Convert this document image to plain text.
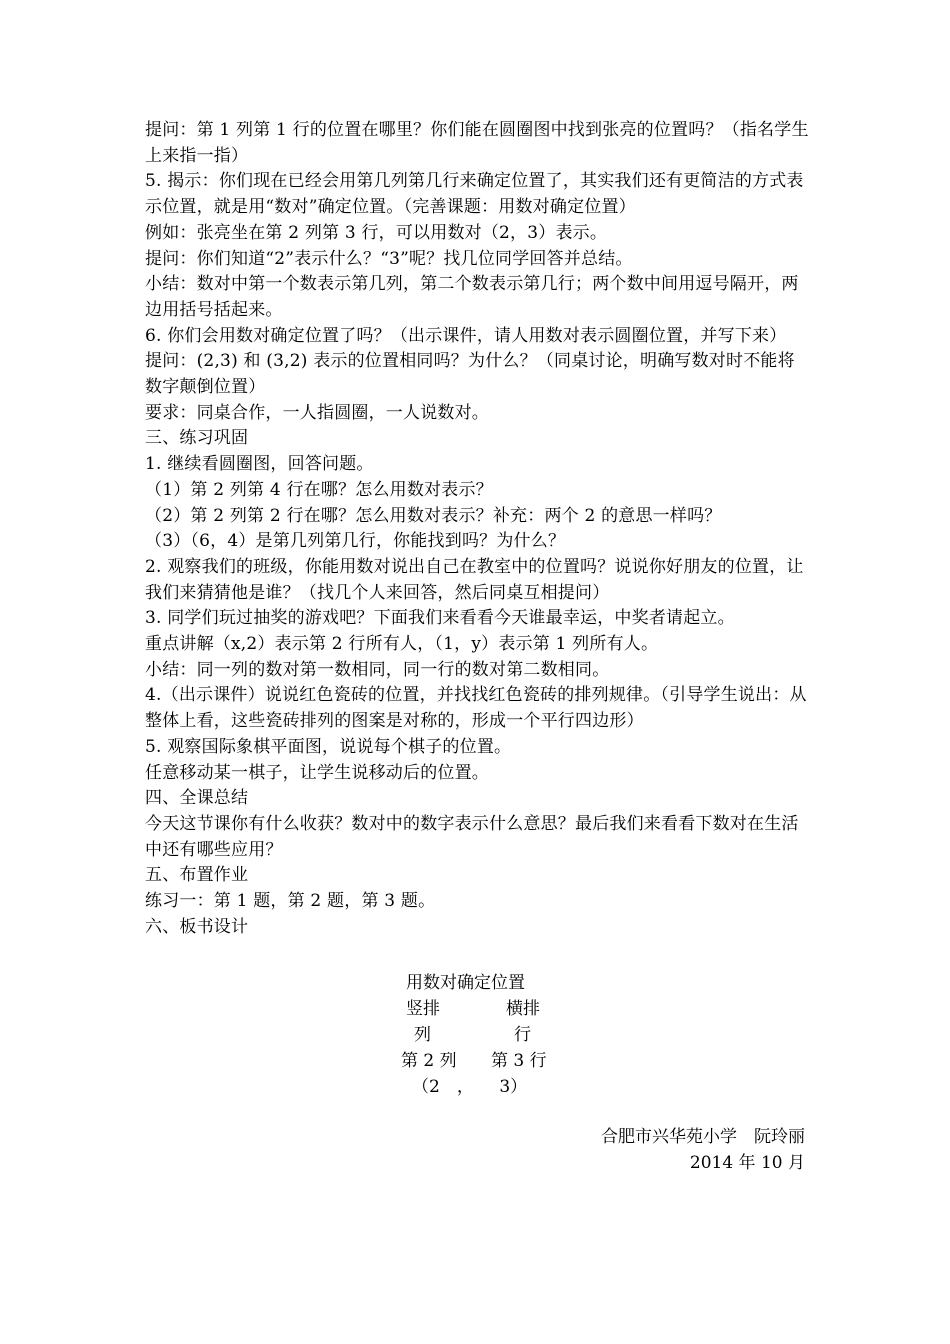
提问：第 1 列第 1 行的位置在哪里？你们能在圆圈图中找到张亮的位置吗？（指名学生上来指一指）

5. 揭示：你们现在已经会用第几列第几行来确定位置了，其实我们还有更简洁的方式表示位置，就是用“数对”确定位置。（完善课题：用数对确定位置）

例如：张亮坐在第 2 列第 3 行，可以用数对（2，3）表示。

提问：你们知道“2”表示什么？“3”呢？找几位同学回答并总结。

小结：数对中第一个数表示第几列，第二个数表示第几行；两个数中间用逗号隔开，两边用括号括起来。

6. 你们会用数对确定位置了吗？（出示课件，请人用数对表示圆圈位置，并写下来）

提问：(2,3) 和 (3,2) 表示的位置相同吗？为什么？（同桌讨论，明确写数对时不能将数字颠倒位置）

要求：同桌合作，一人指圆圈，一人说数对。

三、练习巩固

1. 继续看圆圈图，回答问题。

（1）第 2 列第 4 行在哪？怎么用数对表示？

（2）第 2 列第 2 行在哪？怎么用数对表示？补充：两个 2 的意思一样吗？

（3）（6，4）是第几列第几行，你能找到吗？为什么？

2. 观察我们的班级，你能用数对说出自己在教室中的位置吗？说说你好朋友的位置，让我们来猜猜他是谁？（找几个人来回答，然后同桌互相提问）

3. 同学们玩过抽奖的游戏吧？下面我们来看看今天谁最幸运，中奖者请起立。

重点讲解（x,2）表示第 2 行所有人，（1，y）表示第 1 列所有人。

小结：同一列的数对第一数相同，同一行的数对第二数相同。

4.（出示课件）说说红色瓷砖的位置，并找找红色瓷砖的排列规律。（引导学生说出：从整体上看，这些瓷砖排列的图案是对称的，形成一个平行四边形）

5. 观察国际象棋平面图，说说每个棋子的位置。

任意移动某一棋子，让学生说移动后的位置。

四、全课总结

今天这节课你有什么收获？数对中的数字表示什么意思？最后我们来看看下数对在生活中还有哪些应用？

五、布置作业

练习一：第 1 题，第 2 题，第 3 题。

六、板书设计

用数对确定位置
竖排	横排
列	行
第 2 列 第 3 行
（2　，　　3）
合肥市兴华苑小学　阮玲丽
2014 年 10 月
